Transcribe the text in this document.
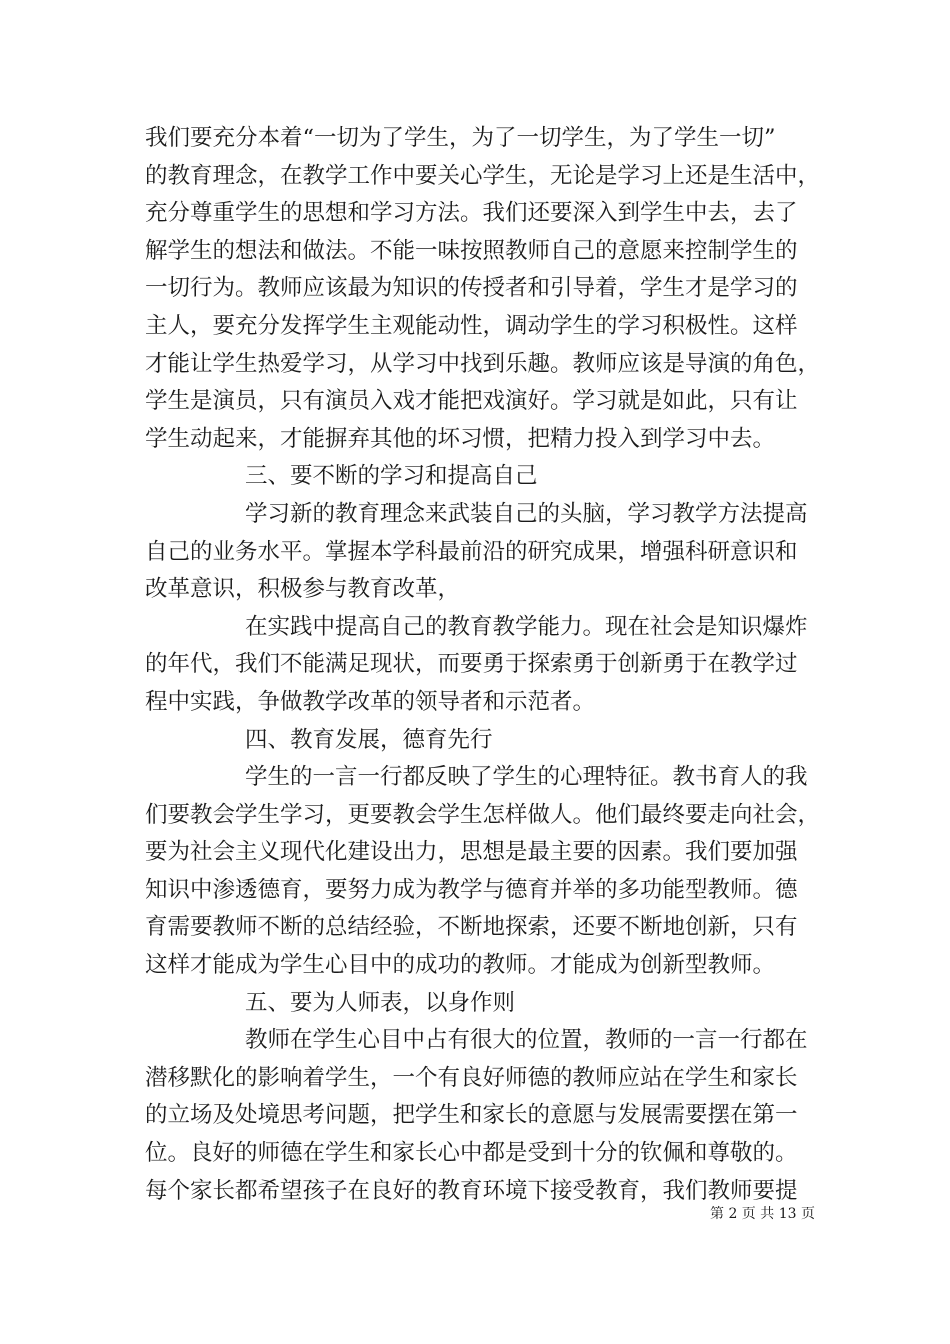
我们要充分本着“一切为了学生，为了一切学生，为了学生一切”
的教育理念，在教学工作中要关心学生，无论是学习上还是生活中，
充分尊重学生的思想和学习方法。我们还要深入到学生中去，去了
解学生的想法和做法。不能一味按照教师自己的意愿来控制学生的
一切行为。教师应该最为知识的传授者和引导着，学生才是学习的
主人，要充分发挥学生主观能动性，调动学生的学习积极性。这样
才能让学生热爱学习，从学习中找到乐趣。教师应该是导演的角色，
学生是演员，只有演员入戏才能把戏演好。学习就是如此，只有让
学生动起来，才能摒弃其他的坏习惯，把精力投入到学习中去。
三、要不断的学习和提高自己
学习新的教育理念来武装自己的头脑，学习教学方法提高
自己的业务水平。掌握本学科最前沿的研究成果，增强科研意识和
改革意识，积极参与教育改革，
在实践中提高自己的教育教学能力。现在社会是知识爆炸
的年代，我们不能满足现状，而要勇于探索勇于创新勇于在教学过
程中实践，争做教学改革的领导者和示范者。
四、教育发展，德育先行
学生的一言一行都反映了学生的心理特征。教书育人的我
们要教会学生学习，更要教会学生怎样做人。他们最终要走向社会，
要为社会主义现代化建设出力，思想是最主要的因素。我们要加强
知识中渗透德育，要努力成为教学与德育并举的多功能型教师。德
育需要教师不断的总结经验，不断地探索，还要不断地创新，只有
这样才能成为学生心目中的成功的教师。才能成为创新型教师。
五、要为人师表，以身作则
教师在学生心目中占有很大的位置，教师的一言一行都在
潜移默化的影响着学生，一个有良好师德的教师应站在学生和家长
的立场及处境思考问题，把学生和家长的意愿与发展需要摆在第一
位。良好的师德在学生和家长心中都是受到十分的钦佩和尊敬的。
每个家长都希望孩子在良好的教育环境下接受教育，我们教师要提
第 2 页 共 13 页
